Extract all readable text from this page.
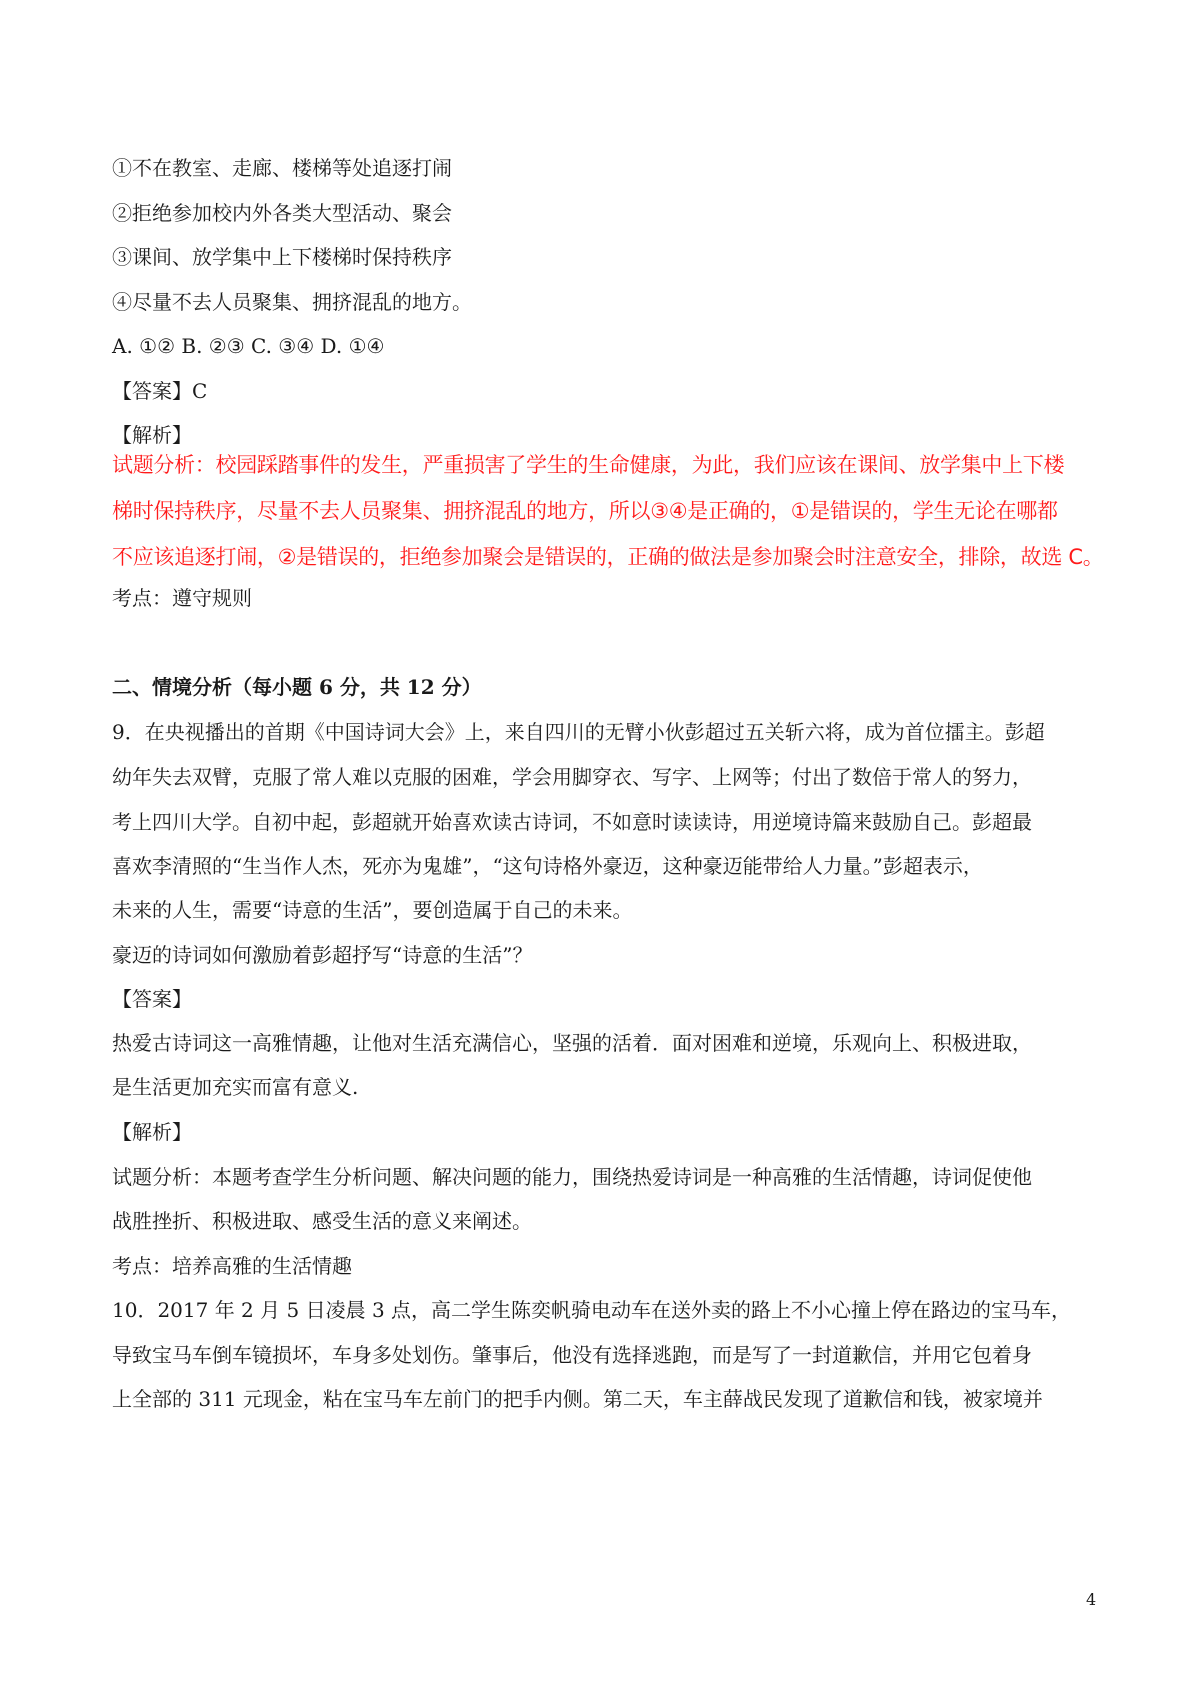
①不在教室、走廊、楼梯等处追逐打闹
②拒绝参加校内外各类大型活动、聚会
③课间、放学集中上下楼梯时保持秩序
④尽量不去人员聚集、拥挤混乱的地方。
A. ①② B. ②③ C. ③④ D. ①④
【答案】C
【解析】
试题分析：校园踩踏事件的发生，严重损害了学生的生命健康，为此，我们应该在课间、放学集中上下楼
梯时保持秩序，尽量不去人员聚集、拥挤混乱的地方，所以③④是正确的，①是错误的，学生无论在哪都
不应该追逐打闹，②是错误的，拒绝参加聚会是错误的，正确的做法是参加聚会时注意安全，排除，故选 C。
考点：遵守规则
二、情境分析（每小题 6 分，共 12 分）
9．在央视播出的首期《中国诗词大会》上，来自四川的无臂小伙彭超过五关斩六将，成为首位擂主。彭超
幼年失去双臂，克服了常人难以克服的困难，学会用脚穿衣、写字、上网等；付出了数倍于常人的努力，
考上四川大学。自初中起，彭超就开始喜欢读古诗词，不如意时读读诗，用逆境诗篇来鼓励自己。彭超最
喜欢李清照的“生当作人杰，死亦为鬼雄”，“这句诗格外豪迈，这种豪迈能带给人力量。”彭超表示，
未来的人生，需要“诗意的生活”，要创造属于自己的未来。
豪迈的诗词如何激励着彭超抒写“诗意的生活”？
【答案】
热爱古诗词这一高雅情趣，让他对生活充满信心，坚强的活着．面对困难和逆境，乐观向上、积极进取，
是生活更加充实而富有意义.
【解析】
试题分析：本题考查学生分析问题、解决问题的能力，围绕热爱诗词是一种高雅的生活情趣，诗词促使他
战胜挫折、积极进取、感受生活的意义来阐述。
考点：培养高雅的生活情趣
10．2017 年 2 月 5 日凌晨 3 点，高二学生陈奕帆骑电动车在送外卖的路上不小心撞上停在路边的宝马车，
导致宝马车倒车镜损坏，车身多处划伤。肇事后，他没有选择逃跑，而是写了一封道歉信，并用它包着身
上全部的 311 元现金，粘在宝马车左前门的把手内侧。第二天，车主薛战民发现了道歉信和钱，被家境并
4
